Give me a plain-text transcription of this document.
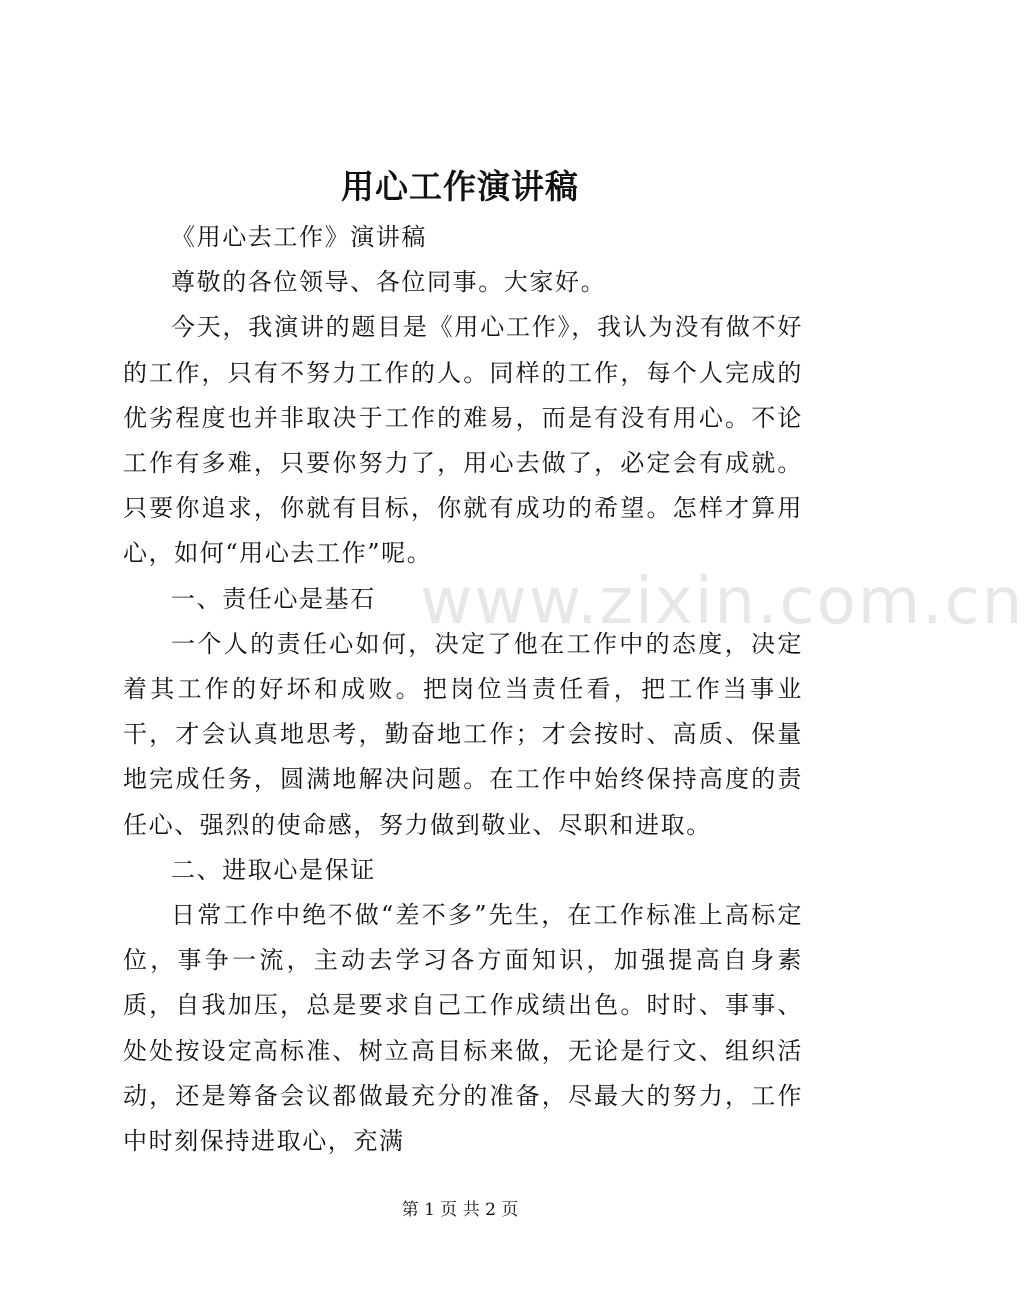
用心工作演讲稿

《用心去工作》演讲稿

尊敬的各位领导、各位同事。大家好。

今天，我演讲的题目是《用心工作》，我认为没有做不好的工作，只有不努力工作的人。同样的工作，每个人完成的优劣程度也并非取决于工作的难易，而是有没有用心。不论工作有多难，只要你努力了，用心去做了，必定会有成就。只要你追求，你就有目标，你就有成功的希望。怎样才算用心，如何“用心去工作”呢。

一、责任心是基石

一个人的责任心如何，决定了他在工作中的态度，决定着其工作的好坏和成败。把岗位当责任看，把工作当事业干，才会认真地思考，勤奋地工作；才会按时、高质、保量地完成任务，圆满地解决问题。在工作中始终保持高度的责任心、强烈的使命感，努力做到敬业、尽职和进取。

二、进取心是保证

日常工作中绝不做“差不多”先生，在工作标准上高标定位，事争一流，主动去学习各方面知识，加强提高自身素质，自我加压，总是要求自己工作成绩出色。时时、事事、处处按设定高标准、树立高目标来做，无论是行文、组织活动，还是筹备会议都做最充分的准备，尽最大的努力，工作中时刻保持进取心，充满

www.zixin.com.cn
第 1 页 共 2 页
